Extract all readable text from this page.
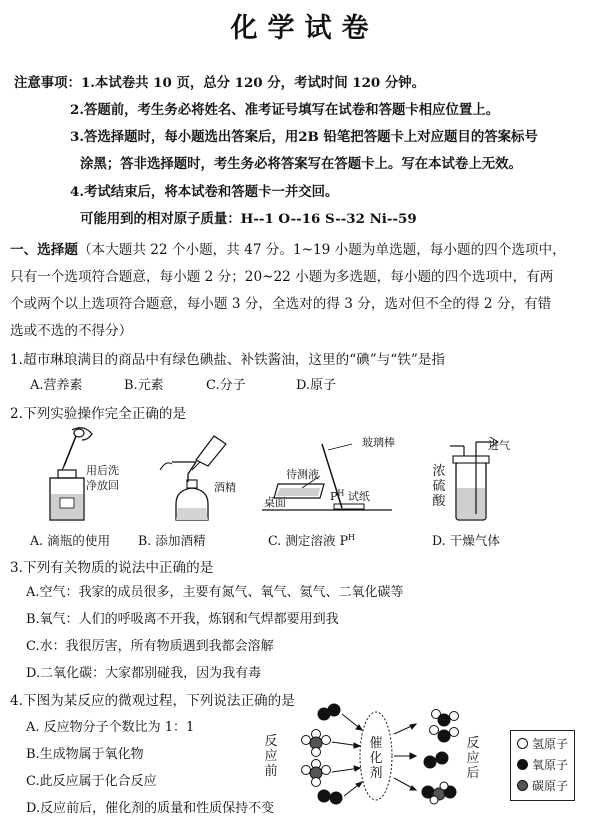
化学试卷
注意事项：1.本试卷共 10 页，总分 120 分，考试时间 120 分钟。
2.答题前，考生务必将姓名、准考证号填写在试卷和答题卡相应位置上。
3.答选择题时，每小题选出答案后，用2B 铅笔把答题卡上对应题目的答案标号
涂黑；答非选择题时，考生务必将答案写在答题卡上。写在本试卷上无效。
4.考试结束后，将本试卷和答题卡一并交回。
可能用到的相对原子质量：H--1 O--16 S--32 Ni--59
一、选择题（本大题共 22 个小题，共 47 分。1~19 小题为单选题，每小题的四个选项中，
只有一个选项符合题意，每小题 2 分；20~22 小题为多选题，每小题的四个选项中，有两
个或两个以上选项符合题意，每小题 3 分，全选对的得 3 分，选对但不全的得 2 分，有错
选或不选的不得分）
1.超市琳琅满目的商品中有绿色碘盐、补铁酱油，这里的“碘”与“铁”是指
A.营养素	B.元素	C.分子	D.原子
2.下列实验操作完全正确的是
用后洗
净放回	酒精
玻璃棒
待测液
桌面	$P^H$ 试纸
进气
浓硫酸
A. 滴瓶的使用 B. 添加酒精	C. 测定溶液 $P^H$	D. 干燥气体
3.下列有关物质的说法中正确的是
A.空气：我家的成员很多，主要有氮气、氧气、氦气、二氧化碳等
B.氧气：人们的呼吸离不开我，炼钢和气焊都要用到我
C.水：我很厉害，所有物质遇到我都会溶解
D.二氧化碳：大家都别碰我，因为我有毒
4.下图为某反应的微观过程，下列说法正确的是
A. 反应物分子个数比为 1：1
B.生成物属于氧化物
C.此反应属于化合反应
D.反应前后，催化剂的质量和性质保持不变
反应前
催化剂
反应后
氢原子
氧原子
碳原子
